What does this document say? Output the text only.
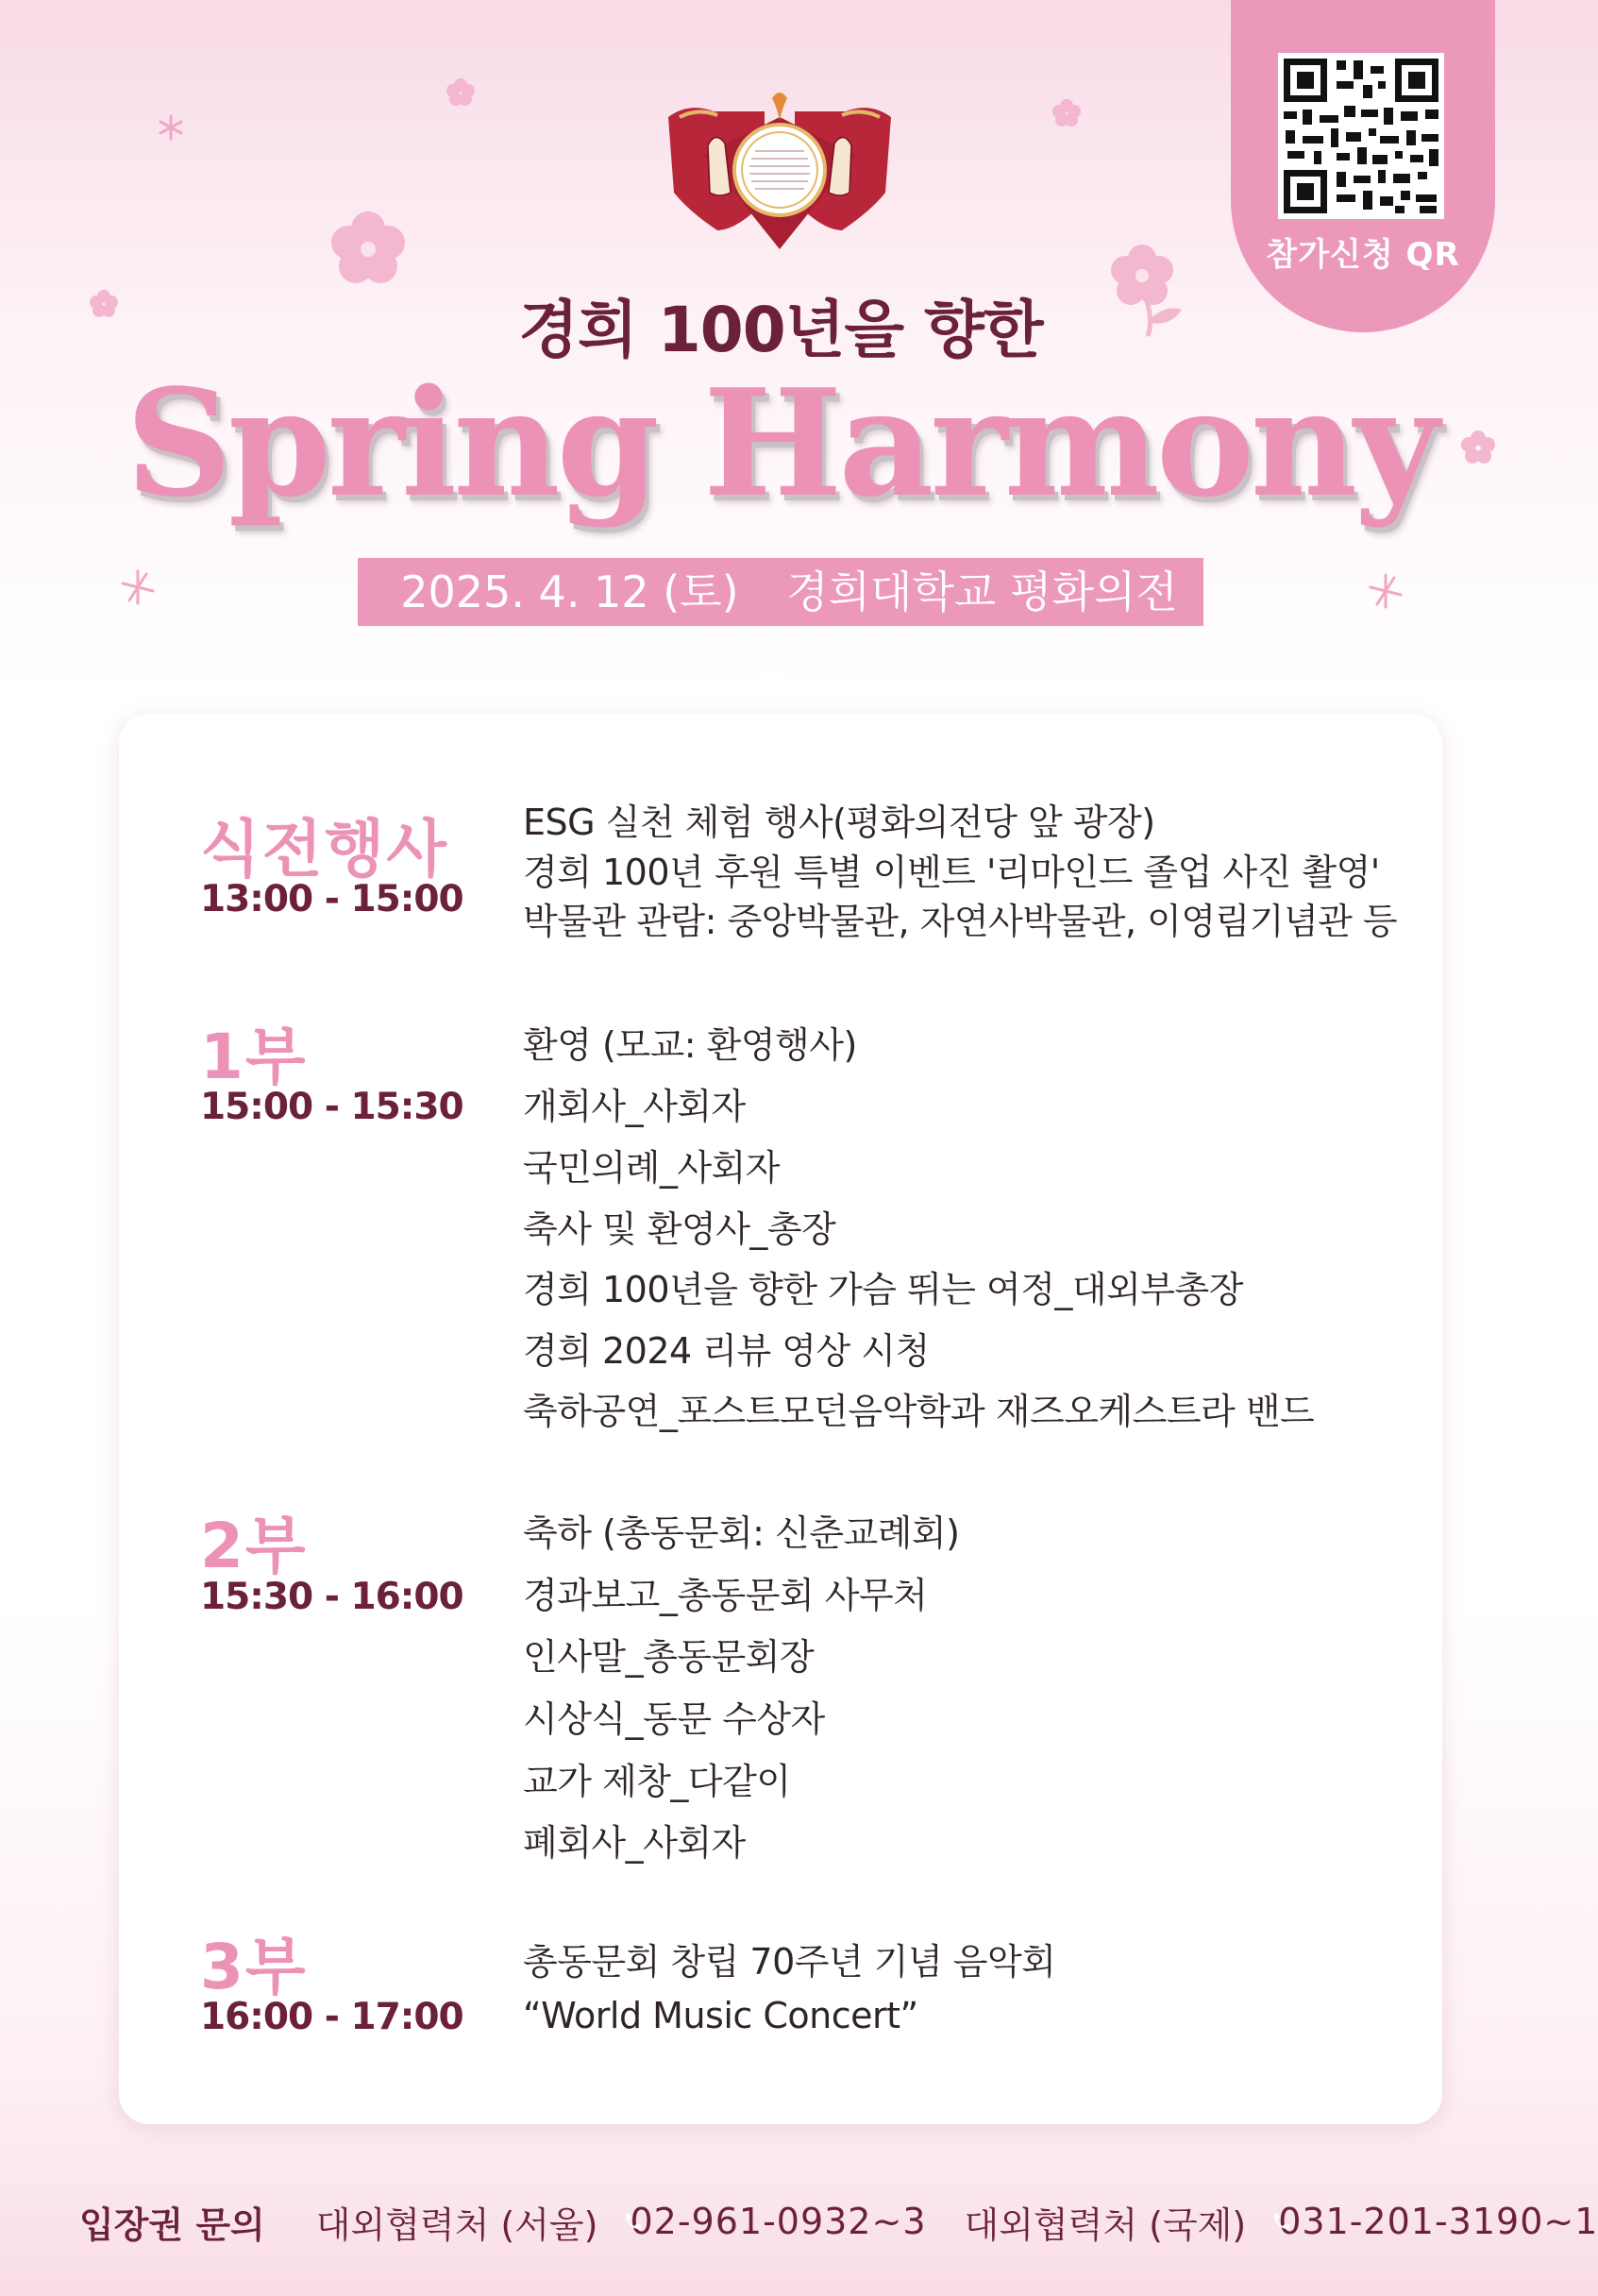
참가신청 QR
경희 100년을 향한
Spring Harmony
2025. 4. 12 (토) 경희대학교 평화의전당
식전행사
13:00 - 15:00
ESG 실천 체험 행사(평화의전당 앞 광장)
경희 100년 후원 특별 이벤트 '리마인드 졸업 사진 촬영'
박물관 관람: 중앙박물관, 자연사박물관, 이영림기념관 등
1부
15:00 - 15:30
환영 (모교: 환영행사)
개회사_사회자
국민의례_사회자
축사 및 환영사_총장
경희 100년을 향한 가슴 뛰는 여정_대외부총장
경희 2024 리뷰 영상 시청
축하공연_포스트모던음악학과 재즈오케스트라 밴드
2부
15:30 - 16:00
축하 (총동문회: 신춘교례회)
경과보고_총동문회 사무처
인사말_총동문회장
시상식_동문 수상자
교가 제창_다같이
폐회사_사회자
3부
16:00 - 17:00
총동문회 창립 70주년 기념 음악회
“World Music Concert”
입장권 문의 대외협력처 (서울) 02-961-0932~3 대외협력처 (국제) 031-201-3190~1
